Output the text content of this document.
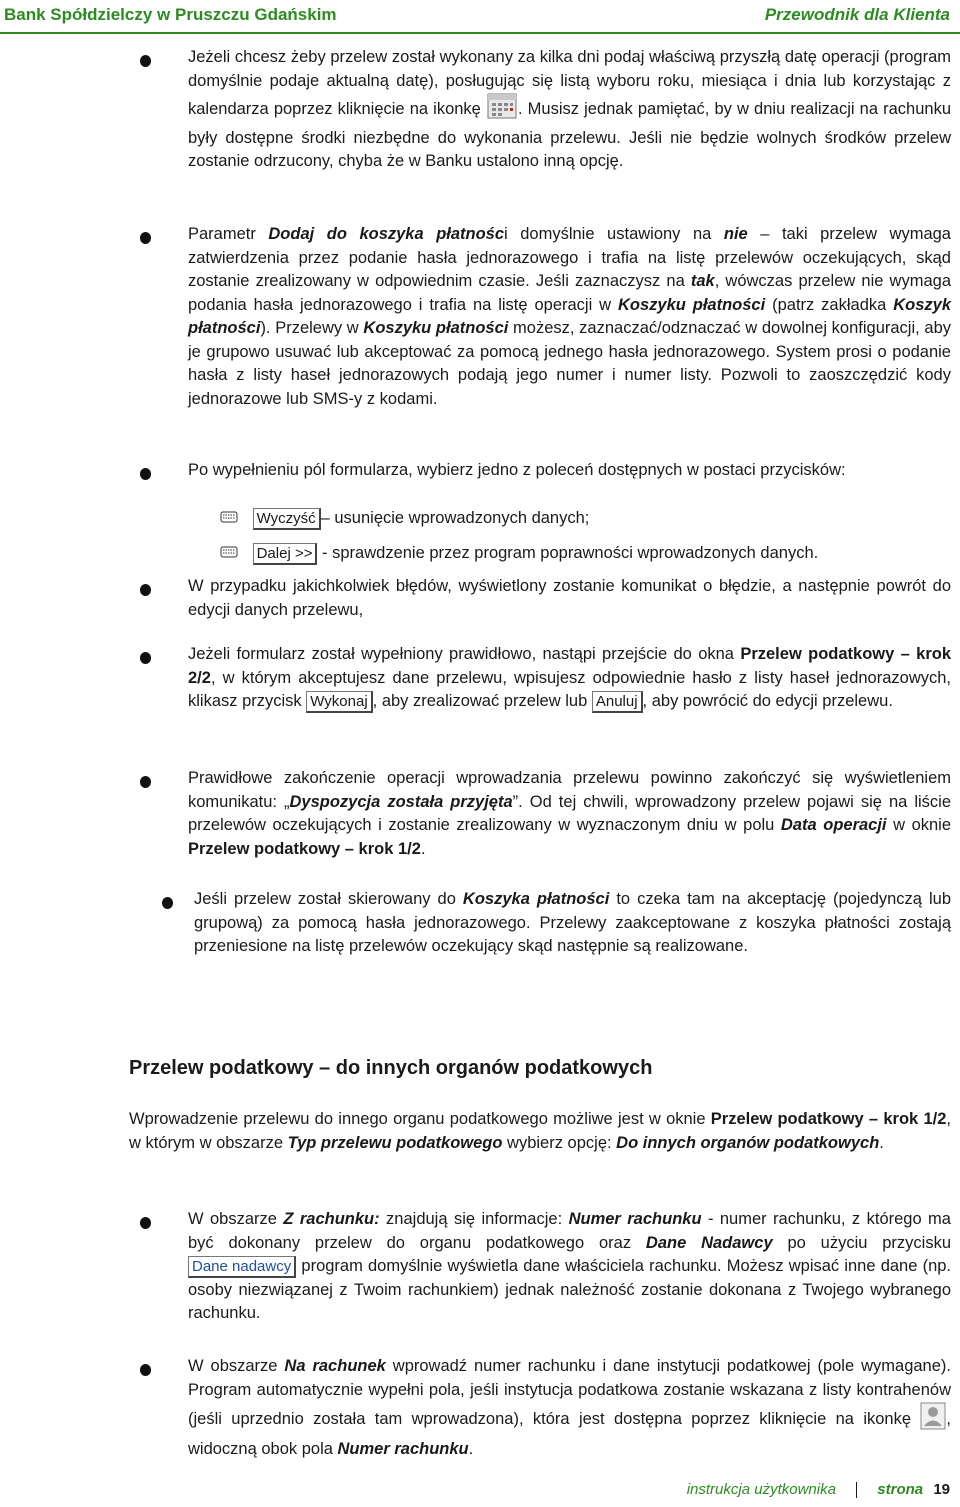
Bank Spółdzielczy w Pruszczu Gdańskim	Przewodnik dla Klienta
Jeżeli chcesz żeby przelew został wykonany za kilka dni podaj właściwą przyszłą datę operacji (program domyślnie podaje aktualną datę), posługując się listą wyboru roku, miesiąca i dnia lub korzystając z kalendarza poprzez kliknięcie na ikonkę . Musisz jednak pamiętać, by w dniu realizacji na rachunku były dostępne środki niezbędne do wykonania przelewu. Jeśli nie będzie wolnych środków przelew zostanie odrzucony, chyba że w Banku ustalono inną opcję.
Parametr Dodaj do koszyka płatności domyślnie ustawiony na nie – taki przelew wymaga zatwierdzenia przez podanie hasła jednorazowego i trafia na listę przelewów oczekujących, skąd zostanie zrealizowany w odpowiednim czasie. Jeśli zaznaczysz na tak, wówczas przelew nie wymaga podania hasła jednorazowego i trafia na listę operacji w Koszyku płatności (patrz zakładka Koszyk płatności). Przelewy w Koszyku płatności możesz, zaznaczać/odznaczać w dowolnej konfiguracji, aby je grupowo usuwać lub akceptować za pomocą jednego hasła jednorazowego. System prosi o podanie hasła z listy haseł jednorazowych podają jego numer i numer listy. Pozwoli to zaoszczędzić kody jednorazowe lub SMS-y z kodami.
Po wypełnieniu pól formularza, wybierz jedno z poleceń dostępnych w postaci przycisków:
Wyczyść – usunięcie wprowadzonych danych;
Dalej >> - sprawdzenie przez program poprawności wprowadzonych danych.
W przypadku jakichkolwiek błędów, wyświetlony zostanie komunikat o błędzie, a następnie powrót do edycji danych przelewu,
Jeżeli formularz został wypełniony prawidłowo, nastąpi przejście do okna Przelew podatkowy – krok 2/2, w którym akceptujesz dane przelewu, wpisujesz odpowiednie hasło z listy haseł jednorazowych, klikasz przycisk Wykonaj , aby zrealizować przelew lub Anuluj , aby powrócić do edycji przelewu.
Prawidłowe zakończenie operacji wprowadzania przelewu powinno zakończyć się wyświetleniem komunikatu: „Dyspozycja została przyjęta”. Od tej chwili, wprowadzony przelew pojawi się na liście przelewów oczekujących i zostanie zrealizowany w wyznaczonym dniu w polu Data operacji w oknie Przelew podatkowy – krok 1/2.
Jeśli przelew został skierowany do Koszyka płatności to czeka tam na akceptację (pojedynczą lub grupową) za pomocą hasła jednorazowego. Przelewy zaakceptowane z koszyka płatności zostają przeniesione na listę przelewów oczekujący skąd następnie są realizowane.
Przelew podatkowy – do innych organów podatkowych
Wprowadzenie przelewu do innego organu podatkowego możliwe jest w oknie Przelew podatkowy – krok 1/2, w którym w obszarze Typ przelewu podatkowego wybierz opcję: Do innych organów podatkowych.
W obszarze Z rachunku: znajdują się informacje: Numer rachunku - numer rachunku, z którego ma być dokonany przelew do organu podatkowego oraz Dane Nadawcy po użyciu przycisku Dane nadawcy program domyślnie wyświetla dane właściciela rachunku. Możesz wpisać inne dane (np. osoby niezwiązanej z Twoim rachunkiem) jednak należność zostanie dokonana z Twojego wybranego rachunku.
W obszarze Na rachunek wprowadź numer rachunku i dane instytucji podatkowej (pole wymagane). Program automatycznie wypełni pola, jeśli instytucja podatkowa zostanie wskazana z listy kontrahenów (jeśli uprzednio została tam wprowadzona), która jest dostępna poprzez kliknięcie na ikonkę , widoczną obok pola Numer rachunku.
instrukcja użytkownika	strona 19
